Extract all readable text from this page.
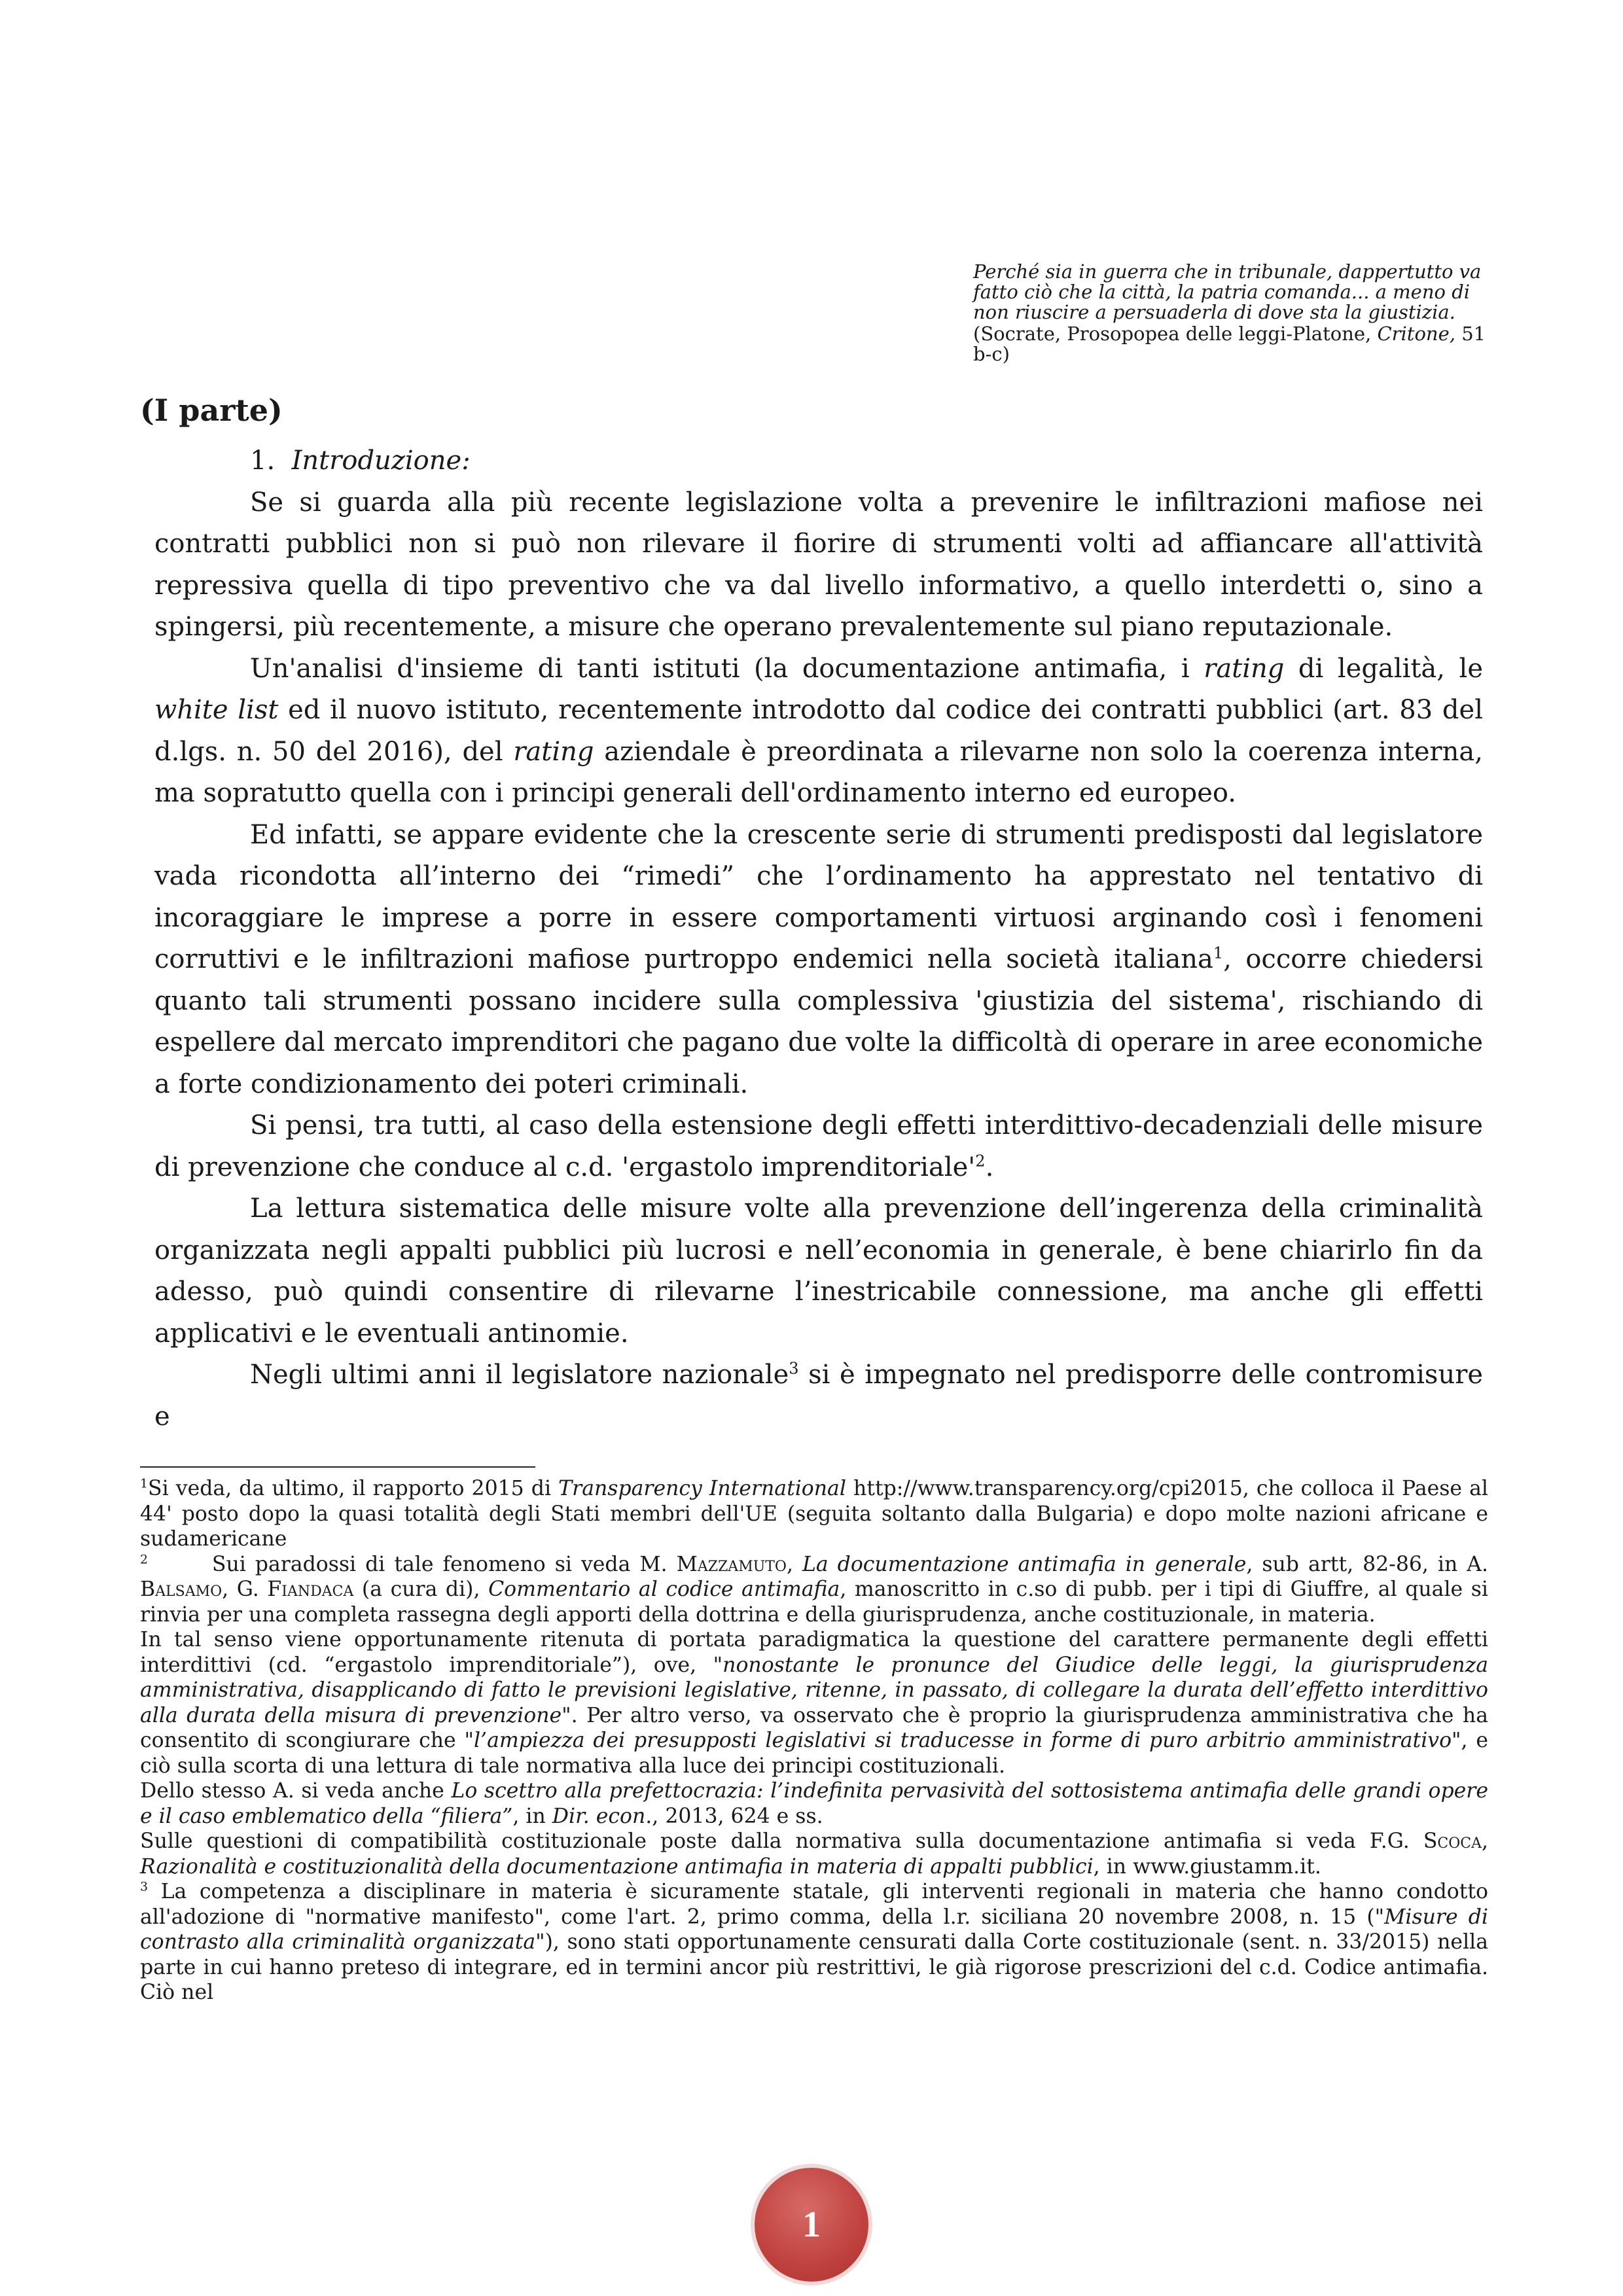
Perché sia in guerra che in tribunale, dappertutto va fatto ciò che la città, la patria comanda... a meno di non riuscire a persuaderla di dove sta la giustizia.
(Socrate, Prosopopea delle leggi-Platone, Critone, 51 b-c)
(I parte)

1. Introduzione:

Se si guarda alla più recente legislazione volta a prevenire le infiltrazioni mafiose nei contratti pubblici non si può non rilevare il fiorire di strumenti volti ad affiancare all'attività repressiva quella di tipo preventivo che va dal livello informativo, a quello interdetti o, sino a spingersi, più recentemente, a misure che operano prevalentemente sul piano reputazionale.

Un'analisi d'insieme di tanti istituti (la documentazione antimafia, i rating di legalità, le white list ed il nuovo istituto, recentemente introdotto dal codice dei contratti pubblici (art. 83 del d.lgs. n. 50 del 2016), del rating aziendale è preordinata a rilevarne non solo la coerenza interna, ma sopratutto quella con i principi generali dell'ordinamento interno ed europeo.

Ed infatti, se appare evidente che la crescente serie di strumenti predisposti dal legislatore vada ricondotta all’interno dei “rimedi” che l’ordinamento ha apprestato nel tentativo di incoraggiare le imprese a porre in essere comportamenti virtuosi arginando così i fenomeni corruttivi e le infiltrazioni mafiose purtroppo endemici nella società italiana$^1$, occorre chiedersi quanto tali strumenti possano incidere sulla complessiva 'giustizia del sistema', rischiando di espellere dal mercato imprenditori che pagano due volte la difficoltà di operare in aree economiche a forte condizionamento dei poteri criminali.

Si pensi, tra tutti, al caso della estensione degli effetti interdittivo-decadenziali delle misure di prevenzione che conduce al c.d. 'ergastolo $imprenditoriale'^2$.

La lettura sistematica delle misure volte alla prevenzione dell’ingerenza della criminalità organizzata negli appalti pubblici più lucrosi e nell’economia in generale, è bene chiarirlo fin da adesso, può quindi consentire di rilevarne l’inestricabile connessione, ma anche gli effetti applicativi e le eventuali antinomie.

Negli ultimi anni il legislatore nazionale$^3$ si è impegnato nel predisporre delle contromisure e

$^1$Si veda, da ultimo, il rapporto 2015 di Transparency International http://www.transparency.org/cpi2015, che colloca il Paese al 44' posto dopo la quasi totalità degli Stati membri dell'UE (seguita soltanto dalla Bulgaria) e dopo molte nazioni africane e sudamericane

$^2$	Sui paradossi di tale fenomeno si veda M. Mazzamuto, La documentazione antimafia in generale, sub artt, 82-86, in A. Balsamo, G. Fiandaca (a cura di), Commentario al codice antimafia, manoscritto in c.so di pubb. per i tipi di Giuffre, al quale si rinvia per una completa rassegna degli apporti della dottrina e della giurisprudenza, anche costituzionale, in materia.

In tal senso viene opportunamente ritenuta di portata paradigmatica la questione del carattere permanente degli effetti interdittivi (cd. “ergastolo imprenditoriale”), ove, "nonostante le pronunce del Giudice delle leggi, la giurisprudenza amministrativa, disapplicando di fatto le previsioni legislative, ritenne, in passato, di collegare la durata dell’effetto interdittivo alla durata della misura di prevenzione". Per altro verso, va osservato che è proprio la giurisprudenza amministrativa che ha consentito di scongiurare che "l’ampiezza dei presupposti legislativi si traducesse in forme di puro arbitrio amministrativo", e ciò sulla scorta di una lettura di tale normativa alla luce dei principi costituzionali.

Dello stesso A. si veda anche Lo scettro alla prefettocrazia: l’indefinita pervasività del sottosistema antimafia delle grandi opere e il caso emblematico della “filiera”, in Dir. econ., 2013, 624 e ss.

Sulle questioni di compatibilità costituzionale poste dalla normativa sulla documentazione antimafia si veda F.G. Scoca, Razionalità e costituzionalità della documentazione antimafia in materia di appalti pubblici, in www.giustamm.it.

$^3$ La competenza a disciplinare in materia è sicuramente statale, gli interventi regionali in materia che hanno condotto all'adozione di "normative manifesto", come l'art. 2, primo comma, della l.r. siciliana 20 novembre 2008, n. 15 ("Misure di contrasto alla criminalità organizzata"), sono stati opportunamente censurati dalla Corte costituzionale (sent. n. 33/2015) nella parte in cui hanno preteso di integrare, ed in termini ancor più restrittivi, le già rigorose prescrizioni del c.d. Codice antimafia. Ciò nel

1
